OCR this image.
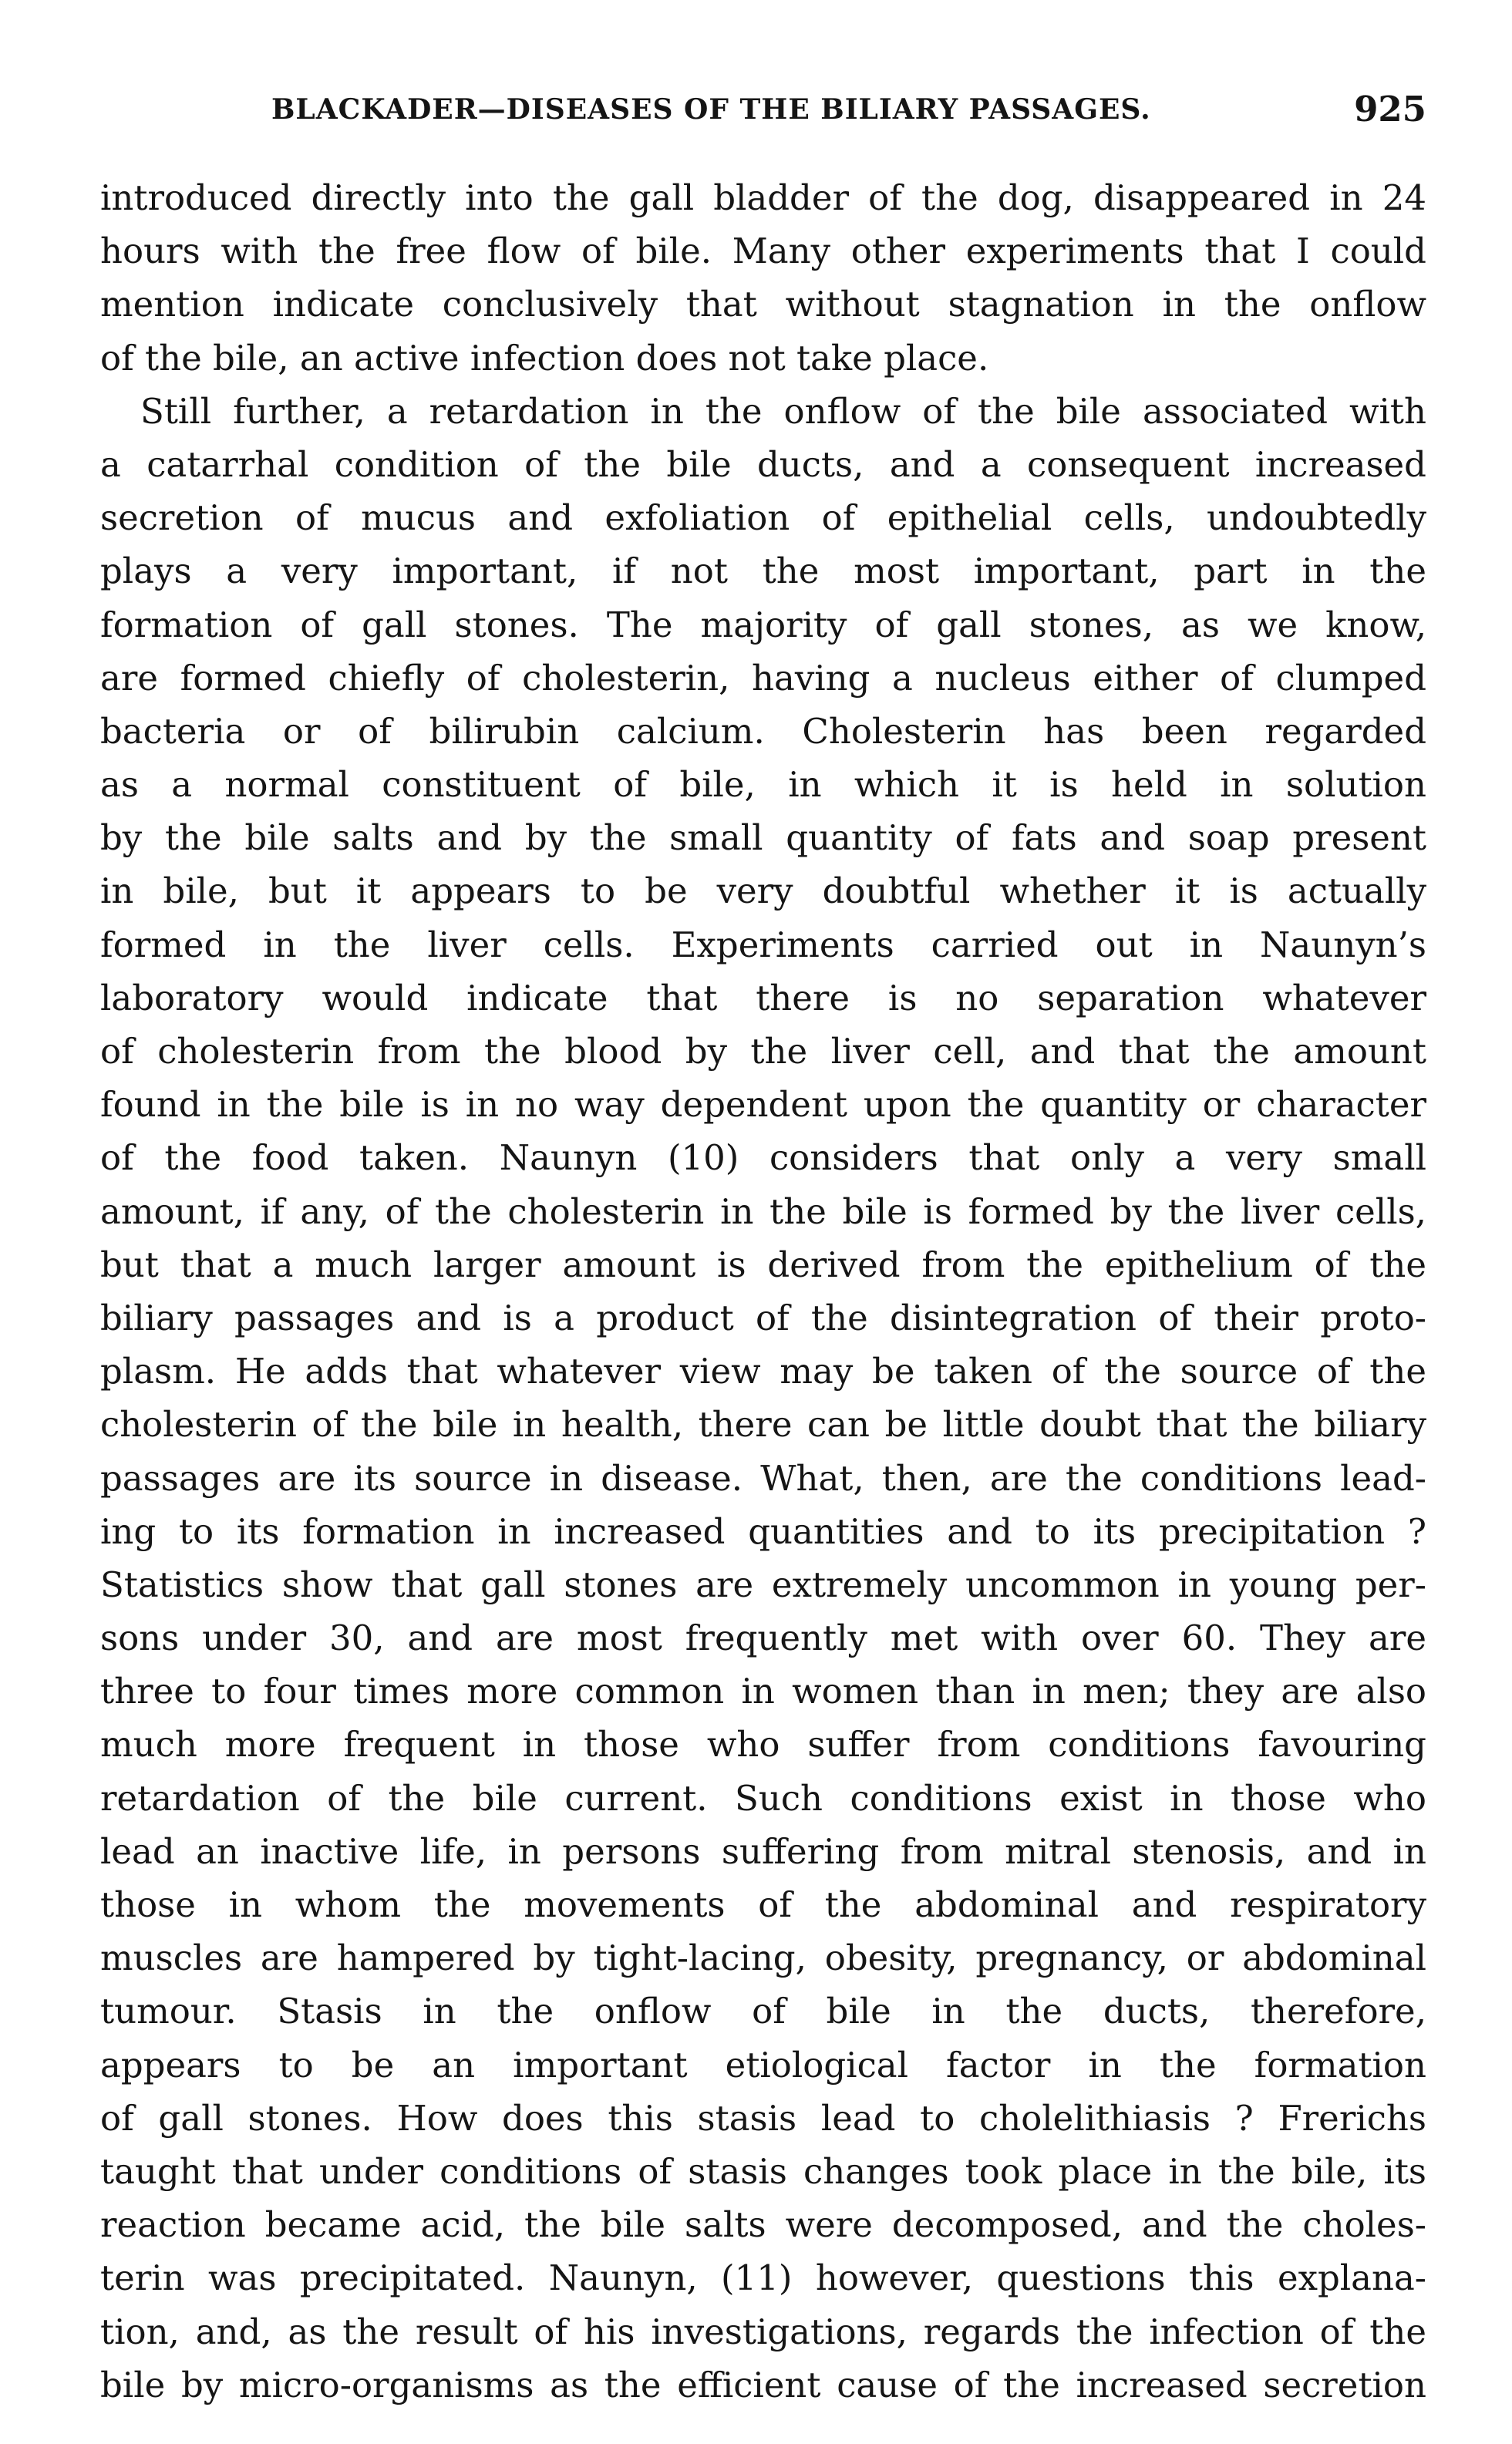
BLACKADER—DISEASES OF THE BILIARY PASSAGES.	925
introduced directly into the gall bladder of the dog, disappeared in 24
hours with the free flow of bile. Many other experiments that I could
mention indicate conclusively that without stagnation in the onflow
of the bile, an active infection does not take place.
Still further, a retardation in the onflow of the bile associated with
a catarrhal condition of the bile ducts, and a consequent increased
secretion of mucus and exfoliation of epithelial cells, undoubtedly
plays a very important, if not the most important, part in the
formation of gall stones. The majority of gall stones, as we know,
are formed chiefly of cholesterin, having a nucleus either of clumped
bacteria or of bilirubin calcium. Cholesterin has been regarded
as a normal constituent of bile, in which it is held in solution
by the bile salts and by the small quantity of fats and soap present
in bile, but it appears to be very doubtful whether it is actually
formed in the liver cells. Experiments carried out in Naunyn’s
laboratory would indicate that there is no separation whatever
of cholesterin from the blood by the liver cell, and that the amount
found in the bile is in no way dependent upon the quantity or character
of the food taken. Naunyn (10) considers that only a very small
amount, if any, of the cholesterin in the bile is formed by the liver cells,
but that a much larger amount is derived from the epithelium of the
biliary passages and is a product of the disintegration of their proto-
plasm. He adds that whatever view may be taken of the source of the
cholesterin of the bile in health, there can be little doubt that the biliary
passages are its source in disease. What, then, are the conditions lead-
ing to its formation in increased quantities and to its precipitation ?
Statistics show that gall stones are extremely uncommon in young per-
sons under 30, and are most frequently met with over 60. They are
three to four times more common in women than in men; they are also
much more frequent in those who suffer from conditions favouring
retardation of the bile current. Such conditions exist in those who
lead an inactive life, in persons suffering from mitral stenosis, and in
those in whom the movements of the abdominal and respiratory
muscles are hampered by tight-lacing, obesity, pregnancy, or abdominal
tumour. Stasis in the onflow of bile in the ducts, therefore,
appears to be an important etiological factor in the formation
of gall stones. How does this stasis lead to cholelithiasis ? Frerichs
taught that under conditions of stasis changes took place in the bile, its
reaction became acid, the bile salts were decomposed, and the choles-
terin was precipitated. Naunyn, (11) however, questions this explana-
tion, and, as the result of his investigations, regards the infection of the
bile by micro-organisms as the efficient cause of the increased secretion
